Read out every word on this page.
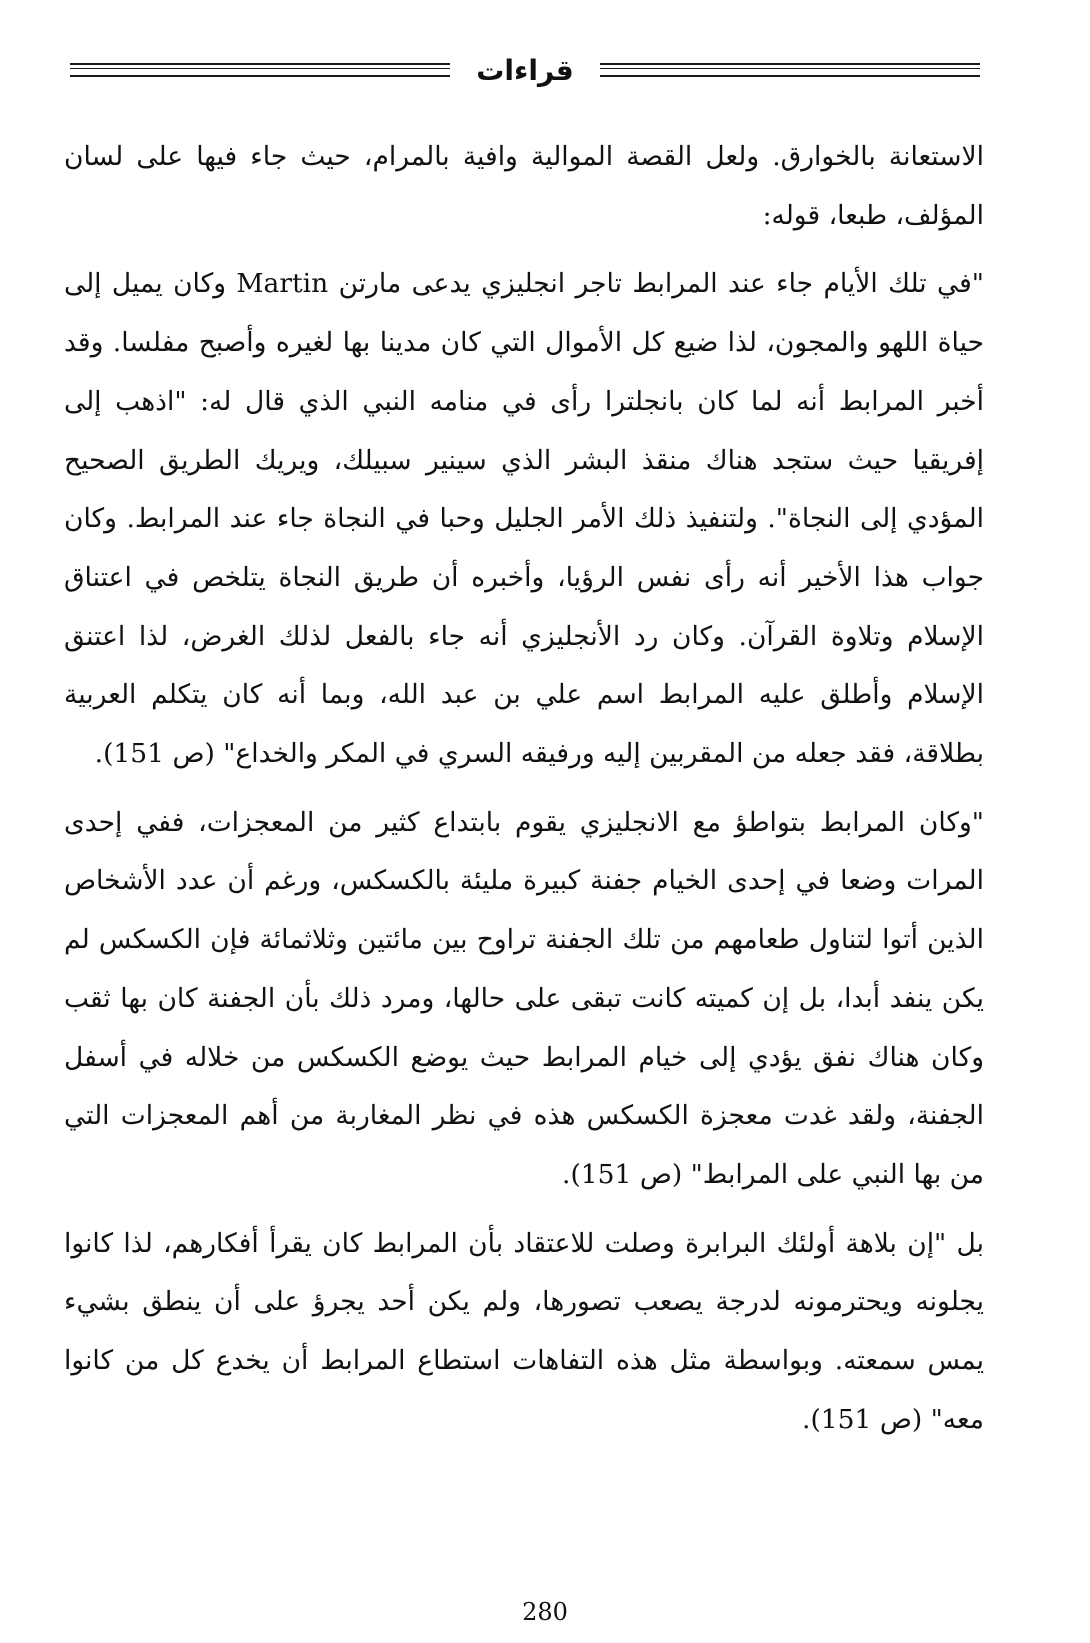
قراءات

الاستعانة بالخوارق. ولعل القصة الموالية وافية بالمرام، حيث جاء فيها على لسان المؤلف، طبعا، قوله:

"في تلك الأيام جاء عند المرابط تاجر انجليزي يدعى مارتن Martin وكان يميل إلى حياة اللهو والمجون، لذا ضيع كل الأموال التي كان مدينا بها لغيره وأصبح مفلسا. وقد أخبر المرابط أنه لما كان بانجلترا رأى في منامه النبي الذي قال له: "اذهب إلى إفريقيا حيث ستجد هناك منقذ البشر الذي سينير سبيلك، ويريك الطريق الصحيح المؤدي إلى النجاة". ولتنفيذ ذلك الأمر الجليل وحبا في النجاة جاء عند المرابط. وكان جواب هذا الأخير أنه رأى نفس الرؤيا، وأخبره أن طريق النجاة يتلخص في اعتناق الإسلام وتلاوة القرآن. وكان رد الأنجليزي أنه جاء بالفعل لذلك الغرض، لذا اعتنق الإسلام وأطلق عليه المرابط اسم علي بن عبد الله، وبما أنه كان يتكلم العربية بطلاقة، فقد جعله من المقربين إليه ورفيقه السري في المكر والخداع" (ص 151).

"وكان المرابط بتواطؤ مع الانجليزي يقوم بابتداع كثير من المعجزات، ففي إحدى المرات وضعا في إحدى الخيام جفنة كبيرة مليئة بالكسكس، ورغم أن عدد الأشخاص الذين أتوا لتناول طعامهم من تلك الجفنة تراوح بين مائتين وثلاثمائة فإن الكسكس لم يكن ينفد أبدا، بل إن كميته كانت تبقى على حالها، ومرد ذلك بأن الجفنة كان بها ثقب وكان هناك نفق يؤدي إلى خيام المرابط حيث يوضع الكسكس من خلاله في أسفل الجفنة، ولقد غدت معجزة الكسكس هذه في نظر المغاربة من أهم المعجزات التي من بها النبي على المرابط" (ص 151).

بل "إن بلاهة أولئك البرابرة وصلت للاعتقاد بأن المرابط كان يقرأ أفكارهم، لذا كانوا يجلونه ويحترمونه لدرجة يصعب تصورها، ولم يكن أحد يجرؤ على أن ينطق بشيء يمس سمعته. وبواسطة مثل هذه التفاهات استطاع المرابط أن يخدع كل من كانوا معه" (ص 151).

280
